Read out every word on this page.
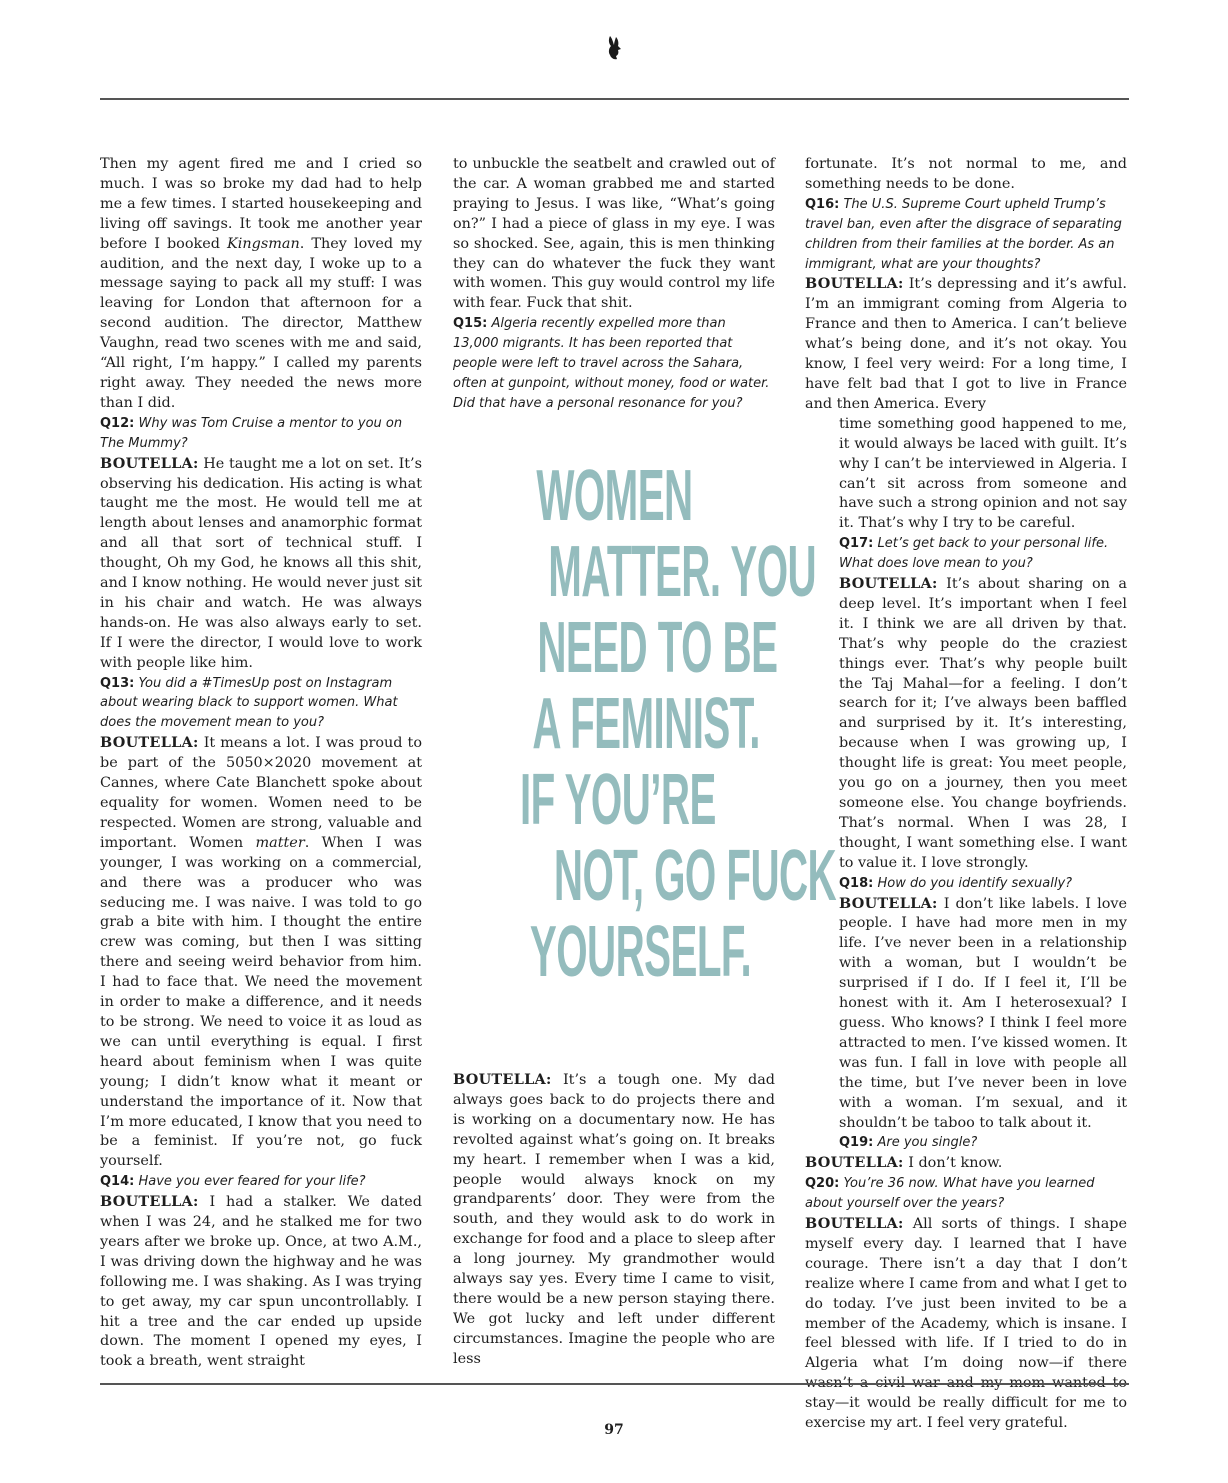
Then my agent fired me and I cried so much. I was so broke my dad had to help me a few times. I started housekeeping and living off savings. It took me another year before I booked Kingsman. They loved my audition, and the next day, I woke up to a message saying to pack all my stuff: I was leaving for London that afternoon for a second audition. The director, Matthew Vaughn, read two scenes with me and said, “All right, I’m happy.” I called my parents right away. They needed the news more than I did.

Q12: Why was Tom Cruise a mentor to you on The Mummy?

BOUTELLA: He taught me a lot on set. It’s observing his dedication. His acting is what taught me the most. He would tell me at length about lenses and anamorphic format and all that sort of technical stuff. I thought, Oh my God, he knows all this shit, and I know nothing. He would never just sit in his chair and watch. He was always hands-on. He was also always early to set. If I were the director, I would love to work with people like him.

Q13: You did a #TimesUp post on Instagram about wearing black to support women. What does the movement mean to you?

BOUTELLA: It means a lot. I was proud to be part of the 5050×2020 movement at Cannes, where Cate Blanchett spoke about equality for women. Women need to be respected. Women are strong, valuable and important. Women matter. When I was younger, I was working on a commercial, and there was a producer who was seducing me. I was naive. I was told to go grab a bite with him. I thought the entire crew was coming, but then I was sitting there and seeing weird behavior from him. I had to face that. We need the movement in order to make a difference, and it needs to be strong. We need to voice it as loud as we can until everything is equal. I first heard about feminism when I was quite young; I didn’t know what it meant or understand the importance of it. Now that I’m more educated, I know that you need to be a feminist. If you’re not, go fuck yourself.

Q14: Have you ever feared for your life?

BOUTELLA: I had a stalker. We dated when I was 24, and he stalked me for two years after we broke up. Once, at two A.M., I was driving down the highway and he was following me. I was shaking. As I was trying to get away, my car spun uncontrollably. I hit a tree and the car ended up upside down. The moment I opened my eyes, I took a breath, went straight

to unbuckle the seatbelt and crawled out of the car. A woman grabbed me and started praying to Jesus. I was like, “What’s going on?” I had a piece of glass in my eye. I was so shocked. See, again, this is men thinking they can do whatever the fuck they want with women. This guy would control my life with fear. Fuck that shit.

Q15: Algeria recently expelled more than 13,000 migrants. It has been reported that people were left to travel across the Sahara, often at gunpoint, without money, food or water. Did that have a personal resonance for you?

WOMEN
MATTER. YOU
NEED TO BE
A FEMINIST.
IF YOU’RE
NOT, GO FUCK
YOURSELF.

BOUTELLA: It’s a tough one. My dad always goes back to do projects there and is working on a documentary now. He has revolted against what’s going on. It breaks my heart. I remember when I was a kid, people would always knock on my grandparents’ door. They were from the south, and they would ask to do work in exchange for food and a place to sleep after a long journey. My grandmother would always say yes. Every time I came to visit, there would be a new person staying there. We got lucky and left under different circumstances. Imagine the people who are less

fortunate. It’s not normal to me, and something needs to be done.

Q16: The U.S. Supreme Court upheld Trump’s travel ban, even after the disgrace of separating children from their families at the border. As an immigrant, what are your thoughts?

BOUTELLA: It’s depressing and it’s awful. I’m an immigrant coming from Algeria to France and then to America. I can’t believe what’s being done, and it’s not okay. You know, I feel very weird: For a long time, I have felt bad that I got to live in France and then America. Every

time something good happened to me, it would always be laced with guilt. It’s why I can’t be interviewed in Algeria. I can’t sit across from someone and have such a strong opinion and not say it. That’s why I try to be careful.

Q17: Let’s get back to your personal life. What does love mean to you?

BOUTELLA: It’s about sharing on a deep level. It’s important when I feel it. I think we are all driven by that. That’s why people do the craziest things ever. That’s why people built the Taj Mahal—for a feeling. I don’t search for it; I’ve always been baffled and surprised by it. It’s interesting, because when I was growing up, I thought life is great: You meet people, you go on a journey, then you meet someone else. You change boyfriends. That’s normal. When I was 28, I thought, I want something else. I want to value it. I love strongly.

Q18: How do you identify sexually?

BOUTELLA: I don’t like labels. I love people. I have had more men in my life. I’ve never been in a relationship with a woman, but I wouldn’t be surprised if I do. If I feel it, I’ll be honest with it. Am I heterosexual? I guess. Who knows? I think I feel more attracted to men. I’ve kissed women. It was fun. I fall in love with people all the time, but I’ve never been in love with a woman. I’m sexual, and it shouldn’t be taboo to talk about it.

Q19: Are you single?

BOUTELLA: I don’t know.

Q20: You’re 36 now. What have you learned about yourself over the years?

BOUTELLA: All sorts of things. I shape myself every day. I learned that I have courage. There isn’t a day that I don’t realize where I came from and what I get to do today. I’ve just been invited to be a member of the Academy, which is insane. I feel blessed with life. If I tried to do in Algeria what I’m doing now—if there wasn’t a civil war and my mom wanted to stay—it would be really difficult for me to exercise my art. I feel very grateful.

97
